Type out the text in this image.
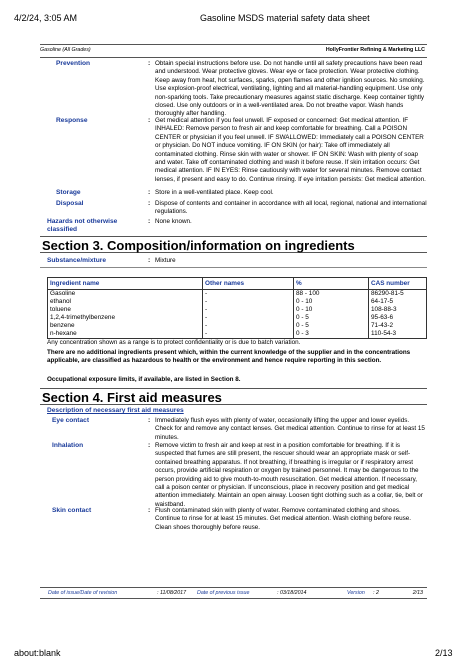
4/2/24, 3:05 AM	Gasoline MSDS material safety data sheet
Gasoline (All Grades)	HollyFrontier Refining & Marketing LLC
Prevention	: Obtain special instructions before use. Do not handle until all safety precautions have been read and understood. Wear protective gloves. Wear eye or face protection. Wear protective clothing. Keep away from heat, hot surfaces, sparks, open flames and other ignition sources. No smoking. Use explosion-proof electrical, ventilating, lighting and all material-handling equipment. Use only non-sparking tools. Take precautionary measures against static discharge. Keep container tightly closed. Use only outdoors or in a well-ventilated area. Do not breathe vapor. Wash hands thoroughly after handling.
Response	: Get medical attention if you feel unwell. IF exposed or concerned: Get medical attention. IF INHALED: Remove person to fresh air and keep comfortable for breathing. Call a POISON CENTER or physician if you feel unwell. IF SWALLOWED: Immediately call a POISON CENTER or physician. Do NOT induce vomiting. IF ON SKIN (or hair): Take off immediately all contaminated clothing. Rinse skin with water or shower. IF ON SKIN: Wash with plenty of soap and water. Take off contaminated clothing and wash it before reuse. If skin irritation occurs: Get medical attention. IF IN EYES: Rinse cautiously with water for several minutes. Remove contact lenses, if present and easy to do. Continue rinsing. If eye irritation persists: Get medical attention.
Storage	: Store in a well-ventilated place. Keep cool.
Disposal	: Dispose of contents and container in accordance with all local, regional, national and international regulations.
Hazards not otherwise classified
: None known.
Section 3. Composition/information on ingredients
Substance/mixture	: Mixture
Ingredient name	Other names	%	CAS number
Gasoline	-	88 - 100	86290-81-5
ethanol	-	0 - 10	64-17-5
toluene	-	0 - 10	108-88-3
1,2,4-trimethylbenzene	-	0 - 5	95-63-6
benzene	-	0 - 5	71-43-2
n-hexane	-	0 - 3	110-54-3
Any concentration shown as a range is to protect confidentiality or is due to batch variation.
There are no additional ingredients present which, within the current knowledge of the supplier and in the concentrations applicable, are classified as hazardous to health or the environment and hence require reporting in this section.
Occupational exposure limits, if available, are listed in Section 8.
Section 4. First aid measures
Description of necessary first aid measures
Eye contact	: Immediately flush eyes with plenty of water, occasionally lifting the upper and lower eyelids. Check for and remove any contact lenses. Get medical attention. Continue to rinse for at least 15 minutes.
Inhalation	: Remove victim to fresh air and keep at rest in a position comfortable for breathing. If it is suspected that fumes are still present, the rescuer should wear an appropriate mask or self-contained breathing apparatus. If not breathing, if breathing is irregular or if respiratory arrest occurs, provide artificial respiration or oxygen by trained personnel. It may be dangerous to the person providing aid to give mouth-to-mouth resuscitation. Get medical attention. If necessary, call a poison center or physician. If unconscious, place in recovery position and get medical attention immediately. Maintain an open airway. Loosen tight clothing such as a collar, tie, belt or waistband.
Skin contact	: Flush contaminated skin with plenty of water. Remove contaminated clothing and shoes. Continue to rinse for at least 15 minutes. Get medical attention. Wash clothing before reuse. Clean shoes thoroughly before reuse.
Date of issue/Date of revision	: 11/08/2017 Date of previous issue	: 03/18/2014	Version : 2	2/13
about:blank	2/13
